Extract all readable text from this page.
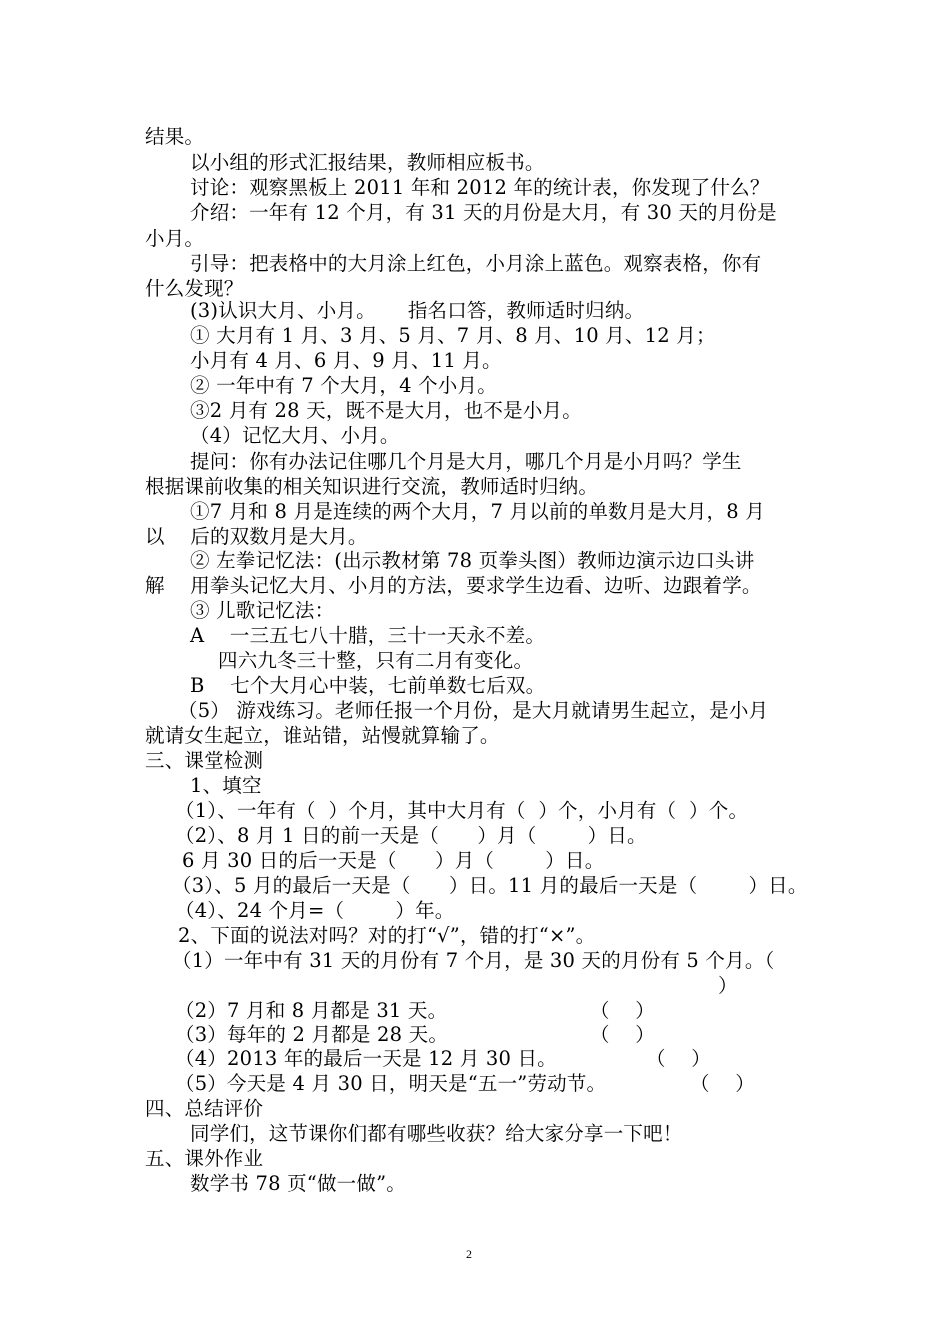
结果。
以小组的形式汇报结果，教师相应板书。
讨论：观察黑板上 2011 年和 2012 年的统计表，你发现了什么？
介绍：一年有 12 个月，有 31 天的月份是大月，有 30 天的月份是
小月。
引导：把表格中的大月涂上红色，小月涂上蓝色。观察表格，你有
什么发现？
(3)认识大月、小月。     指名口答，教师适时归纳。
① 大月有 1 月、3 月、5 月、7 月、8 月、10 月、12 月；
小月有 4 月、6 月、9 月、11 月。
② 一年中有 7 个大月，4 个小月。
③2 月有 28 天，既不是大月，也不是小月。
（4）记忆大月、小月。
提问：你有办法记住哪几个月是大月，哪几个月是小月吗？学生
根据课前收集的相关知识进行交流，教师适时归纳。
①7 月和 8 月是连续的两个大月，7 月以前的单数月是大月，8 月
以    后的双数月是大月。
② 左拳记忆法：(出示教材第 78 页拳头图）教师边演示边口头讲
解    用拳头记忆大月、小月的方法，要求学生边看、边听、边跟着学。
③ 儿歌记忆法：
A    一三五七八十腊，三十一天永不差。
四六九冬三十整，只有二月有变化。
B    七个大月心中装，七前单数七后双。
（5） 游戏练习。老师任报一个月份，是大月就请男生起立，是小月
就请女生起立，谁站错，站慢就算输了。
三、课堂检测
1、填空
（1）、一年有（  ）个月，其中大月有（  ）个，小月有（  ）个。
（2）、8 月 1 日的前一天是（      ）月（        ）日。
6 月 30 日的后一天是（      ）月（        ）日。
（3）、5 月的最后一天是（      ）日。11 月的最后一天是（        ）日。
（4）、24 个月=（        ）年。
2、下面的说法对吗？对的打“√”，错的打“×”。
（1）一年中有 31 天的月份有 7 个月，是 30 天的月份有 5 个月。（
）
（2）7 月和 8 月都是 31 天。	（    ）
（3）每年的 2 月都是 28 天。	（    ）
（4）2013 年的最后一天是 12 月 30 日。	（    ）
（5）今天是 4 月 30 日，明天是“五一”劳动节。	（    ）
四、总结评价
同学们，这节课你们都有哪些收获？给大家分享一下吧！
五、课外作业
数学书 78 页“做一做”。
2
